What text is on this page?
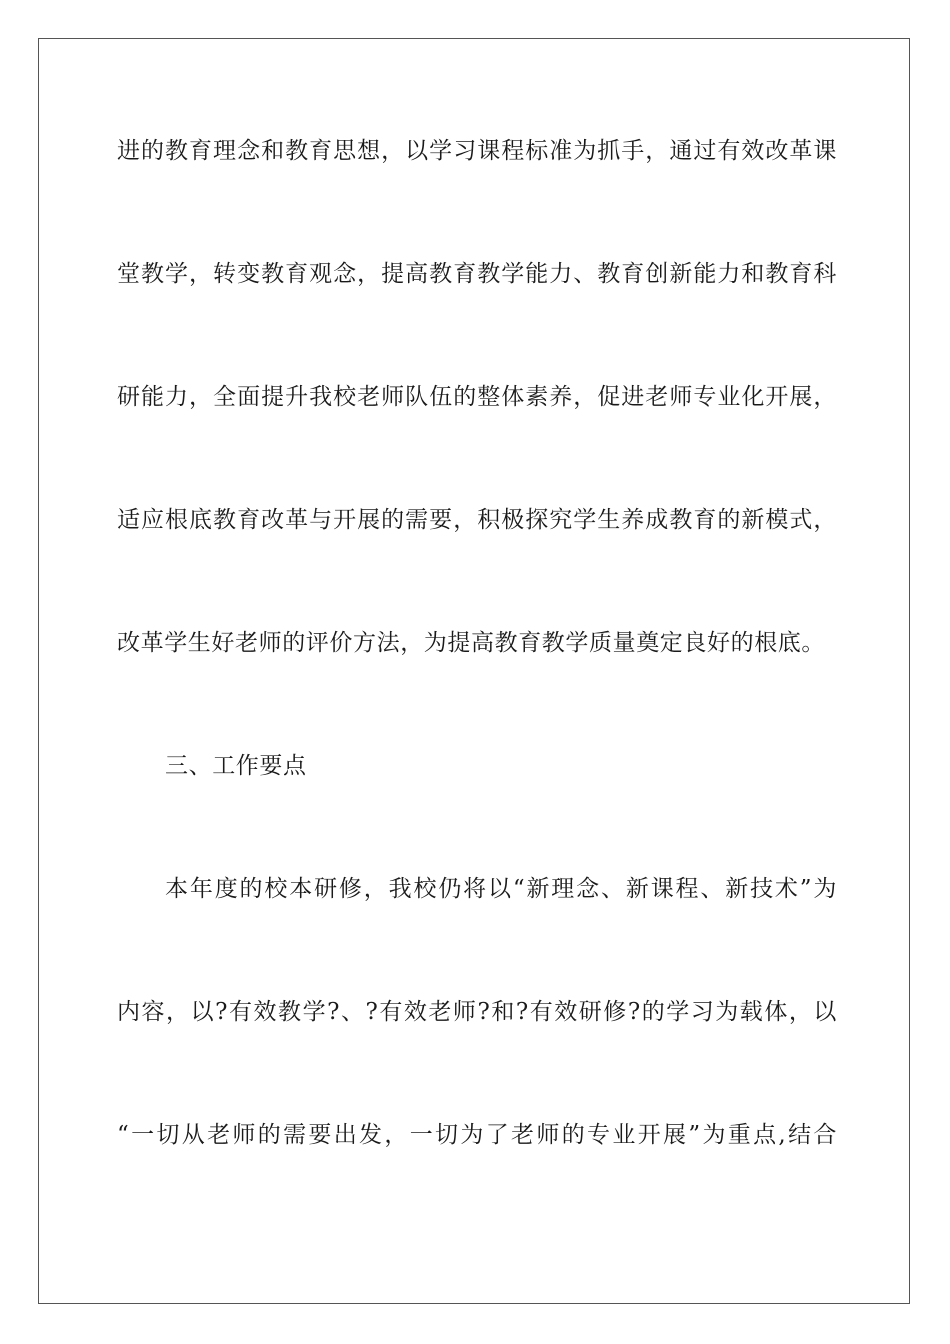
进的教育理念和教育思想，以学习课程标准为抓手，通过有效改革课
堂教学，转变教育观念，提高教育教学能力、教育创新能力和教育科
研能力，全面提升我校老师队伍的整体素养，促进老师专业化开展，
适应根底教育改革与开展的需要，积极探究学生养成教育的新模式，
改革学生好老师的评价方法，为提高教育教学质量奠定良好的根底。
三、工作要点
本年度的校本研修，我校仍将以“新理念、新课程、新技术”为
内容，以?有效教学?、?有效老师?和?有效研修?的学习为载体，以
“一切从老师的需要出发，一切为了老师的专业开展”为重点,结合
